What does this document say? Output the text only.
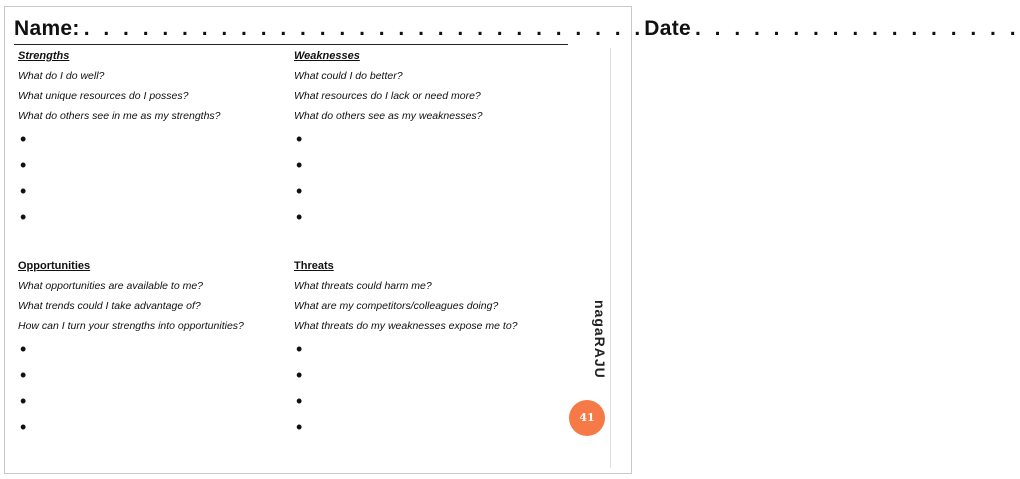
Name: . . . . . . . . . . . . . . . . . . . . . . . . . . . . .Date . . . . . . . . . . . . . . . . .
Strengths

What do I do well?

What unique resources do I posses?

What do others see in me as my strengths?

•
•
•
•
Weaknesses

What could I do better?

What resources do I lack or need more?

What do others see as my weaknesses?

•
•
•
•
Opportunities

What opportunities are available to me?

What trends could I take advantage of?

How can I turn your strengths into opportunities?

•
•
•
•
Threats

What threats could harm me?

What are my competitors/colleagues doing?

What threats do my weaknesses expose me to? • •
•
•	nagaRAJU
41
